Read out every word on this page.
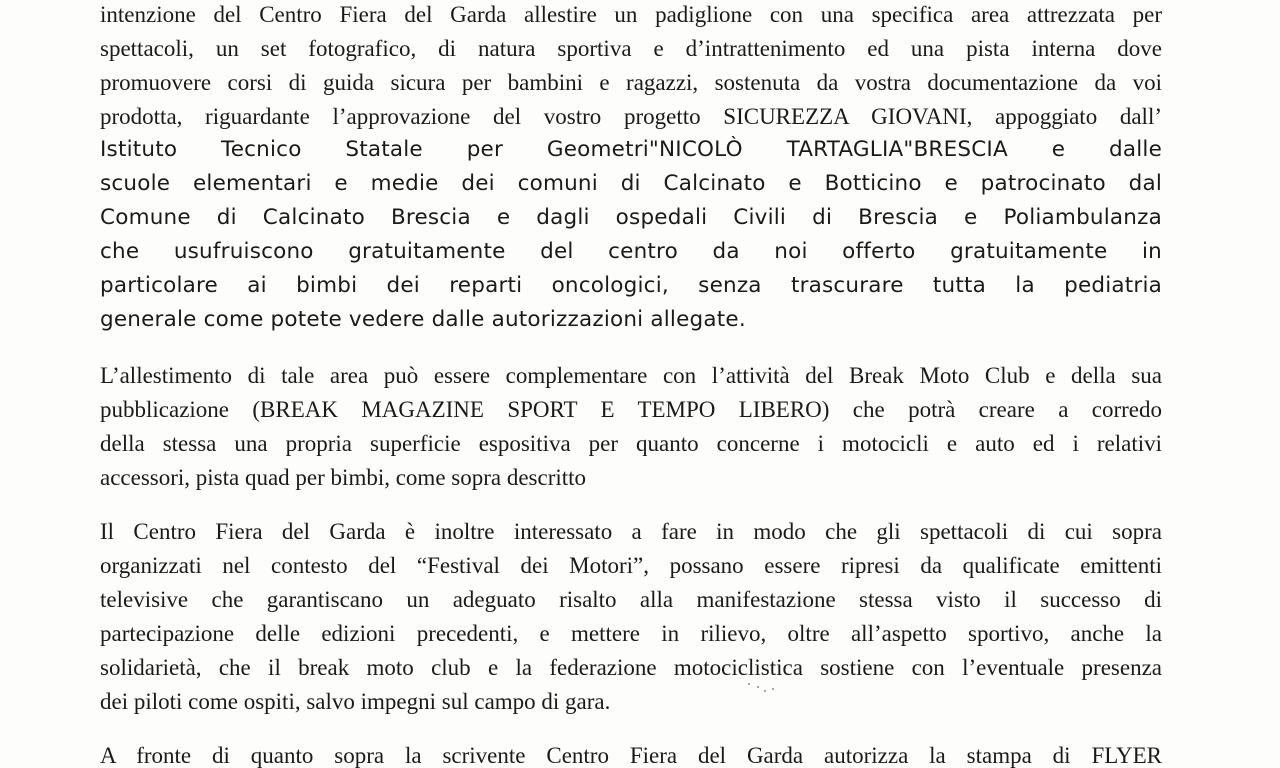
intenzione del Centro Fiera del Garda allestire un padiglione con una specifica area attrezzata per
spettacoli, un set fotografico, di natura sportiva e d’intrattenimento ed una pista interna dove
promuovere corsi di guida sicura per bambini e ragazzi, sostenuta da vostra documentazione da voi
prodotta, riguardante l’approvazione del vostro progetto SICUREZZA GIOVANI, appoggiato dall’
Istituto Tecnico Statale per Geometri"NICOLÒ TARTAGLIA"BRESCIA e dalle
scuole elementari e medie dei comuni di Calcinato e Botticino e patrocinato dal
Comune di Calcinato Brescia e dagli ospedali Civili di Brescia e Poliambulanza
che usufruiscono gratuitamente del centro da noi offerto gratuitamente in
particolare ai bimbi dei reparti oncologici, senza trascurare tutta la pediatria
generale come potete vedere dalle autorizzazioni allegate.
L’allestimento di tale area può essere complementare con l’attività del Break Moto Club e della sua
pubblicazione (BREAK MAGAZINE SPORT E TEMPO LIBERO) che potrà creare a corredo
della stessa una propria superficie espositiva per quanto concerne i motocicli e auto ed i relativi
accessori, pista quad per bimbi, come sopra descritto
Il Centro Fiera del Garda è inoltre interessato a fare in modo che gli spettacoli di cui sopra
organizzati nel contesto del “Festival dei Motori”, possano essere ripresi da qualificate emittenti
televisive che garantiscano un adeguato risalto alla manifestazione stessa visto il successo di
partecipazione delle edizioni precedenti, e mettere in rilievo, oltre all’aspetto sportivo, anche la
solidarietà, che il break moto club e la federazione motociclistica sostiene con l’eventuale presenza
dei piloti come ospiti, salvo impegni sul campo di gara.
A fronte di quanto sopra la scrivente Centro Fiera del Garda autorizza la stampa di FLYER
